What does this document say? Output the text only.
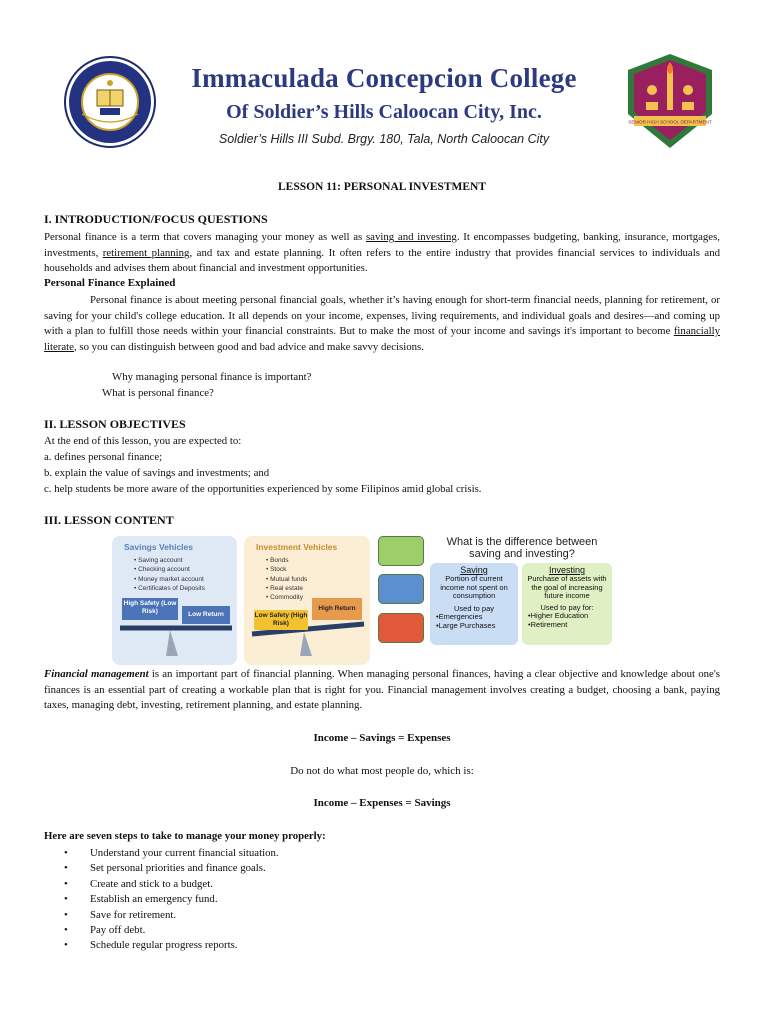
SENIOR HIGH SCHOOL DEPARTMENT
Immaculada Concepcion College
Of Soldier’s Hills Caloocan City, Inc.
Soldier’s Hills III Subd. Brgy. 180, Tala, North Caloocan City
LESSON 11: PERSONAL INVESTMENT
I. INTRODUCTION/FOCUS QUESTIONS
Personal finance is a term that covers managing your money as well as saving and investing. It encompasses budgeting, banking, insurance, mortgages, investments, retirement planning, and tax and estate planning. It often refers to the entire industry that provides financial services to individuals and households and advises them about financial and investment opportunities.
Personal Finance Explained
Personal finance is about meeting personal financial goals, whether it’s having enough for short-term financial needs, planning for retirement, or saving for your child's college education. It all depends on your income, expenses, living requirements, and individual goals and desires—and coming up with a plan to fulfill those needs within your financial constraints. But to make the most of your income and savings it's important to become financially literate, so you can distinguish between good and bad advice and make savvy decisions.
Why managing personal finance is important?
What is personal finance?
II. LESSON OBJECTIVES
At the end of this lesson, you are expected to:
a. defines personal finance;
b. explain the value of savings and investments; and
c. help students be more aware of the opportunities experienced by some Filipinos amid global crisis.
III. LESSON CONTENT
Savings Vehicles
• Saving account
• Checking account
• Money market account
• Certificates of Deposits
High Safety (Low Risk)	Low Return
Investment Vehicles
• Bonds
• Stock
• Mutual funds
• Real estate
• Commodity
Low Safety (High Risk)
High Return
What is the difference between saving and investing?
Saving
Portion of current income not spent on consumption
Used to pay
•Emergencies
•Large Purchases
Investing
Purchase of assets with the goal of increasing future income
Used to pay for:
•Higher Education
•Retirement
Financial management is an important part of financial planning. When managing personal finances, having a clear objective and knowledge about one's finances is an essential part of creating a workable plan that is right for you. Financial management involves creating a budget, choosing a bank, paying taxes, managing debt, investing, retirement planning, and estate planning.
Income – Savings = Expenses
Do not do what most people do, which is:
Income – Expenses = Savings
Here are seven steps to take to manage your money properly:
• Understand your current financial situation.
• Set personal priorities and finance goals.
• Create and stick to a budget.
• Establish an emergency fund.
• Save for retirement.
• Pay off debt.
• Schedule regular progress reports.
